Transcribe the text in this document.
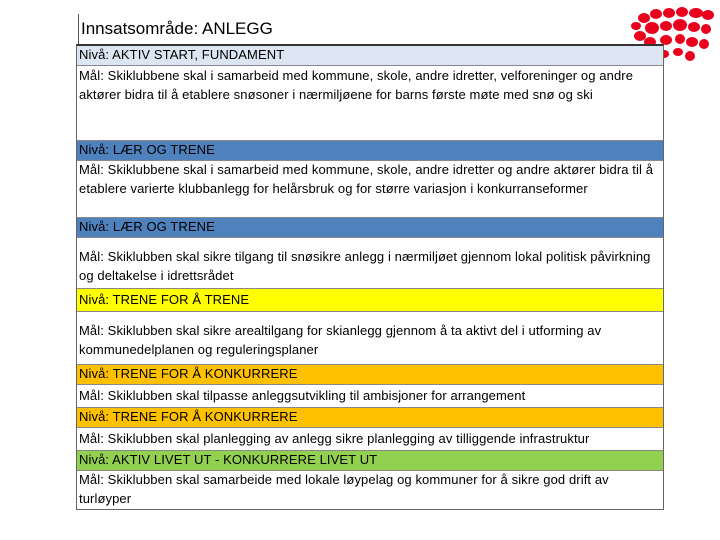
Innsatsområde: ANLEGG
Nivå: AKTIV START, FUNDAMENT
Mål: Skiklubbene skal i samarbeid med kommune, skole, andre idretter, velforeninger og andre aktører bidra til å etablere snøsoner i nærmiljøene for barns første møte med snø og ski
Nivå: LÆR OG TRENE
Mål: Skiklubbene skal i samarbeid med kommune, skole, andre idretter og andre aktører bidra til å etablere varierte klubbanlegg for helårsbruk og for større variasjon i konkurranseformer
Nivå: LÆR OG TRENE
Mål: Skiklubben skal sikre tilgang til snøsikre anlegg i nærmiljøet gjennom lokal politisk påvirkning og deltakelse i idrettsrådet
Nivå: TRENE FOR Å TRENE
Mål: Skiklubben skal sikre arealtilgang for skianlegg gjennom å ta aktivt del i utforming av kommunedelplanen og reguleringsplaner
Nivå: TRENE FOR Å KONKURRERE
Mål: Skiklubben skal tilpasse anleggsutvikling til ambisjoner for arrangement
Nivå: TRENE FOR Å KONKURRERE
Mål: Skiklubben skal planlegging av anlegg sikre planlegging av tilliggende infrastruktur
Nivå: AKTIV LIVET UT - KONKURRERE LIVET UT
Mål: Skiklubben skal samarbeide med lokale løypelag og kommuner for å sikre god drift av turløyper
